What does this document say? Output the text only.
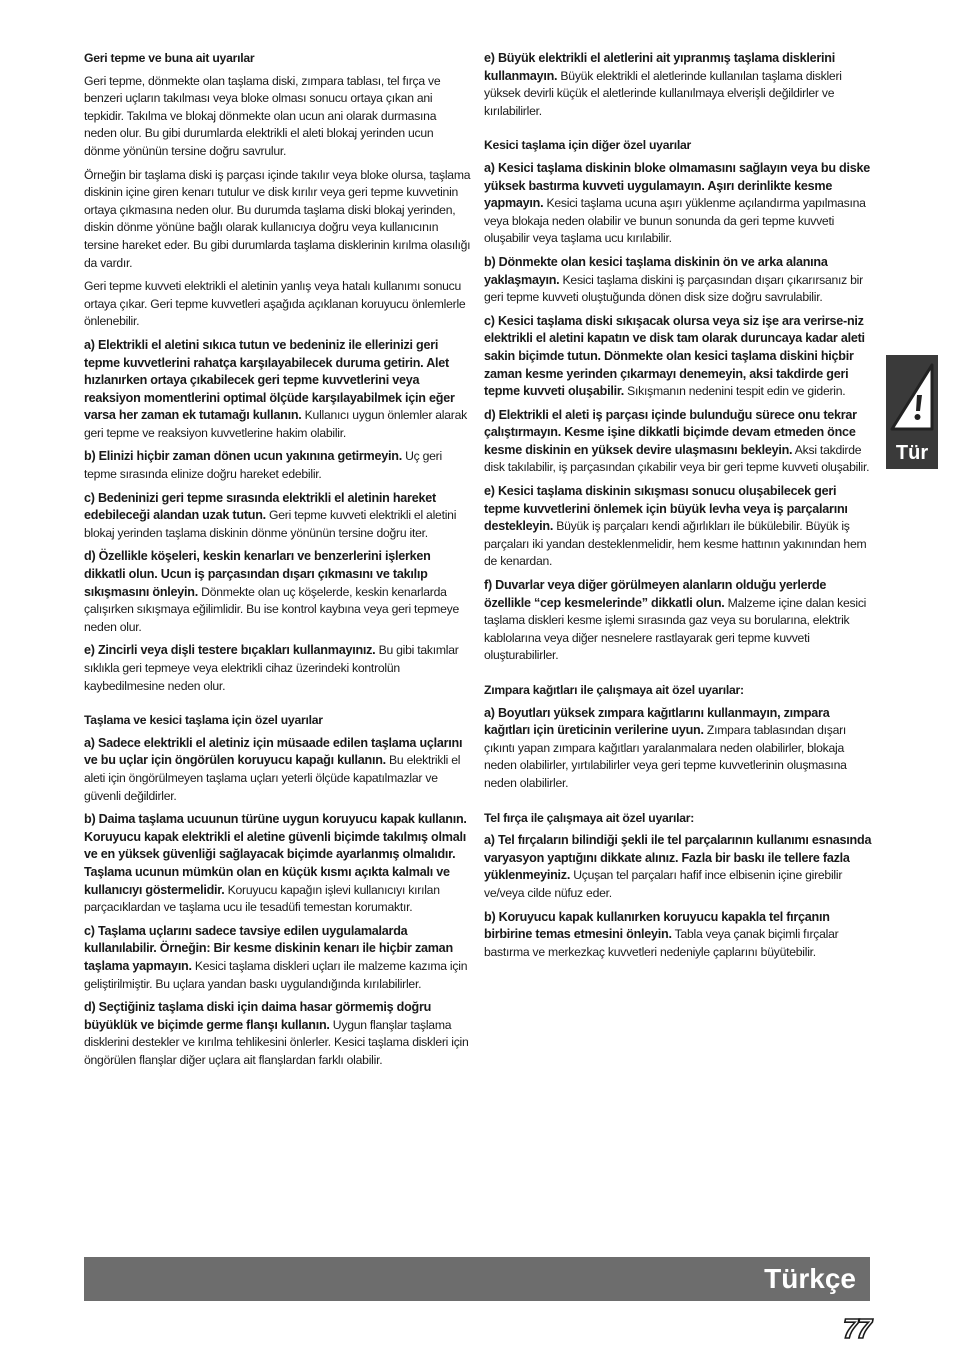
Geri tepme ve buna ait uyarılar

Geri tepme, dönmekte olan taşlama diski, zımpara tablası, tel fırça ve benzeri uçların takılması veya bloke olması sonucu ortaya çıkan ani tepkidir. Takılma ve blokaj dönmekte olan ucun ani olarak durmasına neden olur. Bu gibi durumlarda elektrikli el aleti blokaj yerinden ucun dönme yönünün tersine doğru savrulur.

Örneğin bir taşlama diski iş parçası içinde takılır veya bloke olursa, taşlama diskinin içine giren kenarı tutulur ve disk kırılır veya geri tepme kuvvetinin ortaya çıkmasına neden olur. Bu durumda taşlama diski blokaj yerinden, diskin dönme yönüne bağlı olarak kullanıcıya doğru veya kullanıcının tersine hareket eder. Bu gibi durumlarda taşlama disklerinin kırılma olasılığı da vardır.

Geri tepme kuvveti elektrikli el aletinin yanlış veya hatalı kullanımı sonucu ortaya çıkar. Geri tepme kuvvetleri aşağıda açıklanan koruyucu önlemlerle önlenebilir.

a) Elektrikli el aletini sıkıca tutun ve bedeniniz ile ellerinizi geri tepme kuvvetlerini rahatça karşılayabilecek duruma getirin. Alet hızlanırken ortaya çıkabilecek geri tepme kuvvetlerini veya reaksiyon momentlerini optimal ölçüde karşılayabilmek için eğer varsa her zaman ek tutamağı kullanın. Kullanıcı uygun önlemler alarak geri tepme ve reaksiyon kuvvetlerine hakim olabilir.

b) Elinizi hiçbir zaman dönen ucun yakınına getirmeyin. Uç geri tepme sırasında elinize doğru hareket edebilir.

c) Bedeninizi geri tepme sırasında elektrikli el aletinin hareket edebileceği alandan uzak tutun. Geri tepme kuvveti elektrikli el aletini blokaj yerinden taşlama diskinin dönme yönünün tersine doğru iter.

d) Özellikle köşeleri, keskin kenarları ve benzerlerini işlerken dikkatli olun. Ucun iş parçasından dışarı çıkmasını ve takılıp sıkışmasını önleyin. Dönmekte olan uç köşelerde, keskin kenarlarda çalışırken sıkışmaya eğilimlidir. Bu ise kontrol kaybına veya geri tepmeye neden olur.

e) Zincirli veya dişli testere bıçakları kullanmayınız. Bu gibi takımlar sıklıkla geri tepmeye veya elektrikli cihaz üzerindeki kontrolün kaybedilmesine neden olur.

Taşlama ve kesici taşlama için özel uyarılar

a) Sadece elektrikli el aletiniz için müsaade edilen taşlama uçlarını ve bu uçlar için öngörülen koruyucu kapağı kullanın. Bu elektrikli el aleti için öngörülmeyen taşlama uçları yeterli ölçüde kapatılmazlar ve güvenli değildirler.

b) Daima taşlama ucuunun türüne uygun koruyucu kapak kullanın. Koruyucu kapak elektrikli el aletine güvenli biçimde takılmış olmalı ve en yüksek güvenliği sağlayacak biçimde ayarlanmış olmalıdır. Taşlama ucunun mümkün olan en küçük kısmı açıkta kalmalı ve kullanıcıyı göstermelidir. Koruyucu kapağın işlevi kullanıcıyı kırılan parçacıklardan ve taşlama ucu ile tesadüfi temestan korumaktır.

c) Taşlama uçlarını sadece tavsiye edilen uygulamalarda kullanılabilir. Örneğin: Bir kesme diskinin kenarı ile hiçbir zaman taşlama yapmayın. Kesici taşlama diskleri uçları ile malzeme kazıma için geliştirilmiştir. Bu uçlara yandan baskı uygulandığında kırılabilirler.

d) Seçtiğiniz taşlama diski için daima hasar görmemiş doğru büyüklük ve biçimde germe flanşı kullanın. Uygun flanşlar taşlama disklerini destekler ve kırılma tehlikesini önlerler. Kesici taşlama diskleri için öngörülen flanşlar diğer uçlara ait flanşlardan farklı olabilir.

e) Büyük elektrikli el aletlerini ait yıpranmış taşlama disklerini kullanmayın. Büyük elektrikli el aletlerinde kullanılan taşlama diskleri yüksek devirli küçük el aletlerinde kullanılmaya elverişli değildirler ve kırılabilirler.

Kesici taşlama için diğer özel uyarılar

a) Kesici taşlama diskinin bloke olmamasını sağlayın veya bu diske yüksek bastırma kuvveti uygulamayın. Aşırı derinlikte kesme yapmayın. Kesici taşlama ucuna aşırı yüklenme açılandırma yapılmasına veya blokaja neden olabilir ve bunun sonunda da geri tepme kuvveti oluşabilir veya taşlama ucu kırılabilir.

b) Dönmekte olan kesici taşlama diskinin ön ve arka alanına yaklaşmayın. Kesici taşlama diskini iş parçasından dışarı çıkarırsanız bir geri tepme kuvveti oluştuğunda dönen disk size doğru savrulabilir.

c) Kesici taşlama diski sıkışacak olursa veya siz işe ara verirse-niz elektrikli el aletini kapatın ve disk tam olarak duruncaya kadar aleti sakin biçimde tutun. Dönmekte olan kesici taşlama diskini hiçbir zaman kesme yerinden çıkarmayı denemeyin, aksi takdirde geri tepme kuvveti oluşabilir. Sıkışmanın nedenini tespit edin ve giderin.

d) Elektrikli el aleti iş parçası içinde bulunduğu sürece onu tekrar çalıştırmayın. Kesme işine dikkatli biçimde devam etmeden önce kesme diskinin en yüksek devire ulaşmasını bekleyin. Aksi takdirde disk takılabilir, iş parçasından çıkabilir veya bir geri tepme kuvveti oluşabilir.

e) Kesici taşlama diskinin sıkışması sonucu oluşabilecek geri tepme kuvvetlerini önlemek için büyük levha veya iş parçalarını destekleyin. Büyük iş parçaları kendi ağırlıkları ile bükülebilir. Büyük iş parçaları iki yandan desteklenmelidir, hem kesme hattının yakınından hem de kenardan.

f) Duvarlar veya diğer görülmeyen alanların olduğu yerlerde özellikle “cep kesmelerinde” dikkatli olun. Malzeme içine dalan kesici taşlama diskleri kesme işlemi sırasında gaz veya su borularına, elektrik kablolarına veya diğer nesnelere rastlayarak geri tepme kuvveti oluşturabilirler.

Zımpara kağıtları ile çalışmaya ait özel uyarılar:

a) Boyutları yüksek zımpara kağıtlarını kullanmayın, zımpara kağıtları için üreticinin verilerine uyun. Zımpara tablasından dışarı çıkıntı yapan zımpara kağıtları yaralanmalara neden olabilirler, blokaja neden olabilirler, yırtılabilirler veya geri tepme kuvvetlerinin oluşmasına neden olabilirler.

Tel fırça ile çalışmaya ait özel uyarılar:

a) Tel fırçaların bilindiği şekli ile tel parçalarının kullanımı esnasında varyasyon yaptığını dikkate alınız. Fazla bir baskı ile tellere fazla yüklenmeyiniz. Uçuşan tel parçaları hafif ince elbisenin içine girebilir ve/veya cilde nüfuz eder.

b) Koruyucu kapak kullanırken koruyucu kapakla tel fırçanın birbirine temas etmesini önleyin. Tabla veya çanak biçimli fırçalar bastırma ve merkezkaç kuvvetleri nedeniyle çaplarını büyütebilir.

Tür
Türkçe
77
